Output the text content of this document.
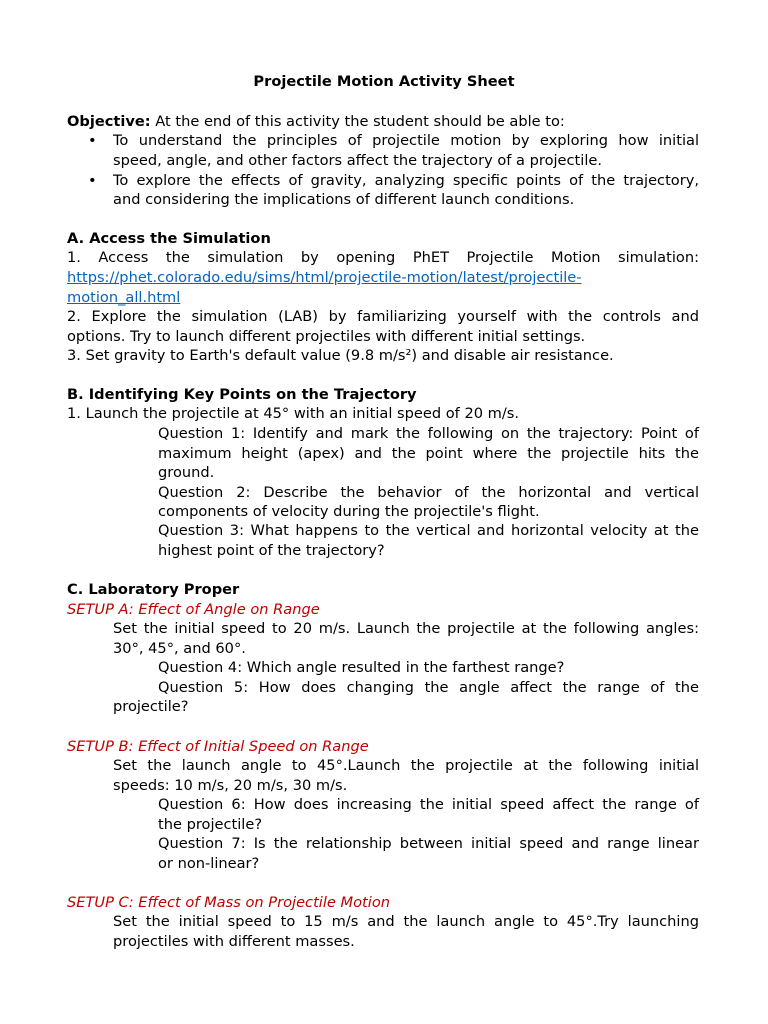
Projectile Motion Activity Sheet
Objective: At the end of this activity the student should be able to:
• To understand the principles of projectile motion by exploring how initial
speed, angle, and other factors affect the trajectory of a projectile.
• To explore the effects of gravity, analyzing specific points of the trajectory,
and considering the implications of different launch conditions.
A. Access the Simulation
1. Access the simulation by opening PhET Projectile Motion simulation:
https://phet.colorado.edu/sims/html/projectile-motion/latest/projectile-
motion_all.html
2. Explore the simulation (LAB) by familiarizing yourself with the controls and
options. Try to launch different projectiles with different initial settings.
3. Set gravity to Earth's default value (9.8 m/s²) and disable air resistance.
B. Identifying Key Points on the Trajectory
1. Launch the projectile at 45° with an initial speed of 20 m/s.
Question 1: Identify and mark the following on the trajectory: Point of
maximum height (apex) and the point where the projectile hits the
ground.
Question 2: Describe the behavior of the horizontal and vertical
components of velocity during the projectile's flight.
Question 3: What happens to the vertical and horizontal velocity at the
highest point of the trajectory?
C. Laboratory Proper
SETUP A: Effect of Angle on Range
Set the initial speed to 20 m/s. Launch the projectile at the following angles:
30°, 45°, and 60°.
Question 4: Which angle resulted in the farthest range?
Question 5: How does changing the angle affect the range of the
projectile?
SETUP B: Effect of Initial Speed on Range
Set the launch angle to 45°.Launch the projectile at the following initial
speeds: 10 m/s, 20 m/s, 30 m/s.
Question 6: How does increasing the initial speed affect the range of
the projectile?
Question 7: Is the relationship between initial speed and range linear
or non-linear?
SETUP C: Effect of Mass on Projectile Motion
Set the initial speed to 15 m/s and the launch angle to 45°.Try launching
projectiles with different masses.
